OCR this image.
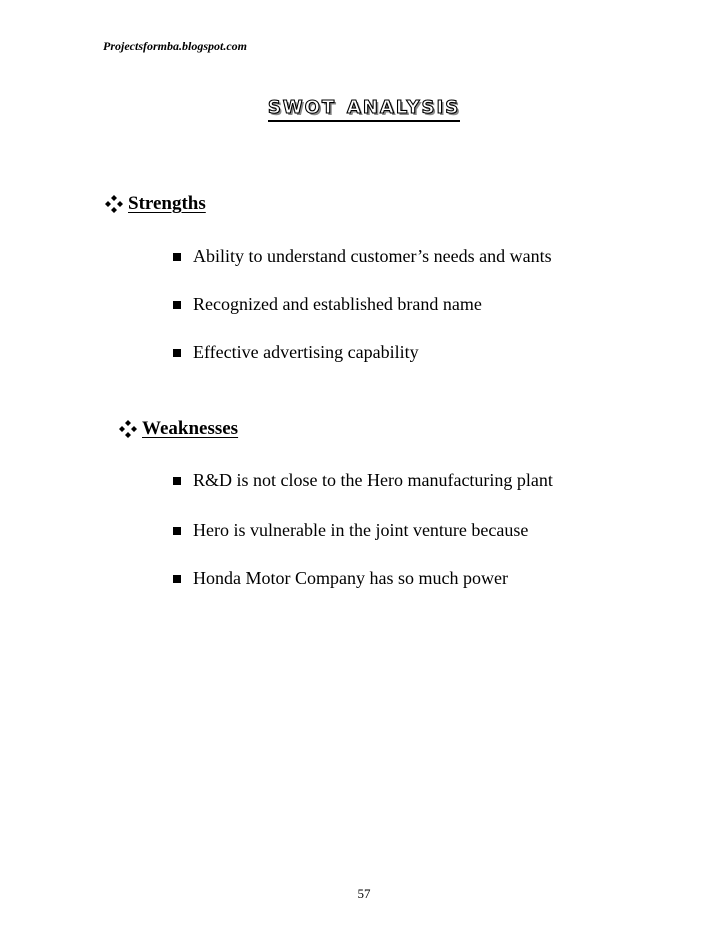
Projectsformba.blogspot.com
swot analysis
Strengths
Ability to understand customer’s needs and wants
Recognized and established brand name
Effective advertising capability
Weaknesses
R&D is not close to the Hero manufacturing plant
Hero is vulnerable in the joint venture because
Honda Motor Company has so much power
57
